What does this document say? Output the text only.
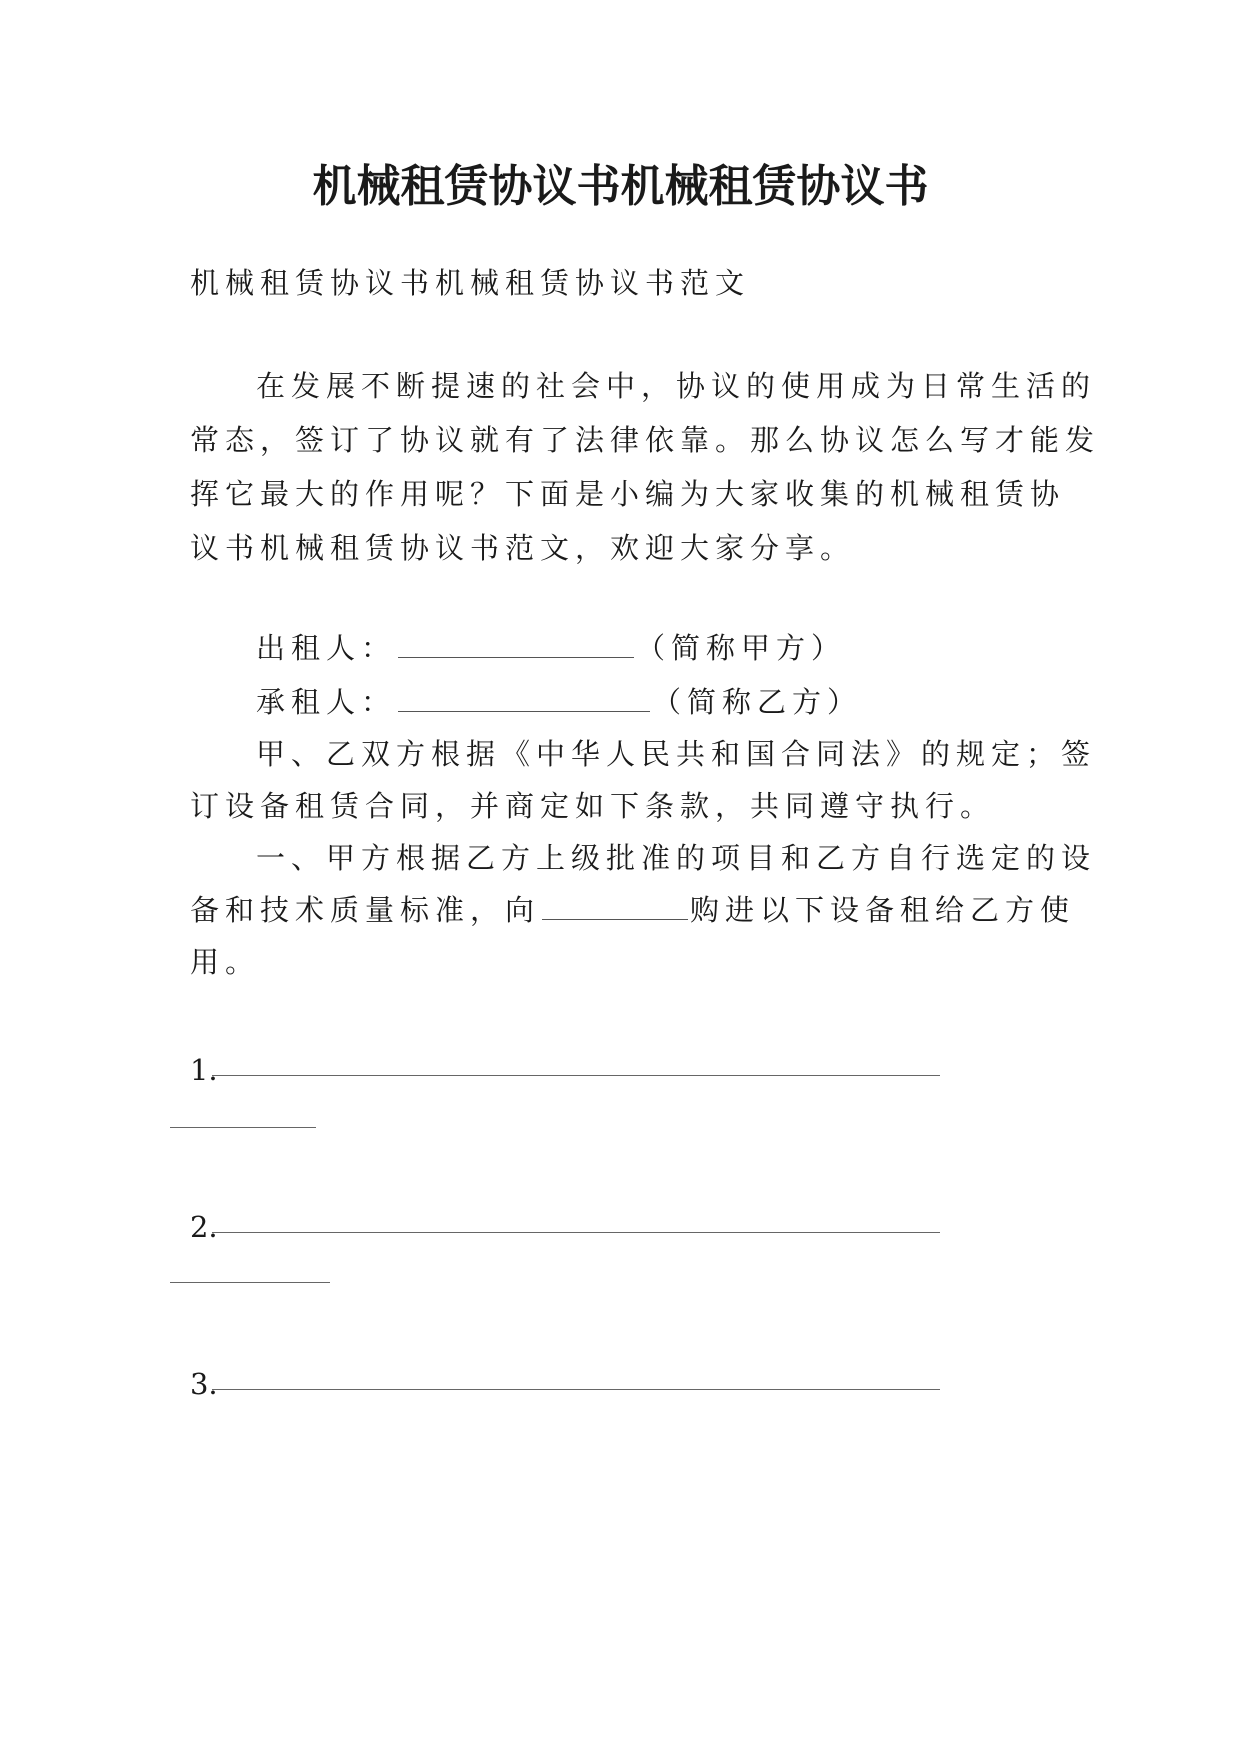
机械租赁协议书机械租赁协议书
机械租赁协议书机械租赁协议书范文
在发展不断提速的社会中，协议的使用成为日常生活的
常态，签订了协议就有了法律依靠。那么协议怎么写才能发
挥它最大的作用呢？下面是小编为大家收集的机械租赁协
议书机械租赁协议书范文，欢迎大家分享。
出租人：	（简称甲方）
承租人：	（简称乙方）
甲、乙双方根据《中华人民共和国合同法》的规定；签
订设备租赁合同，并商定如下条款，共同遵守执行。
一、甲方根据乙方上级批准的项目和乙方自行选定的设
备和技术质量标准，向	购进以下设备租给乙方使
用。
1．
2．
3．
